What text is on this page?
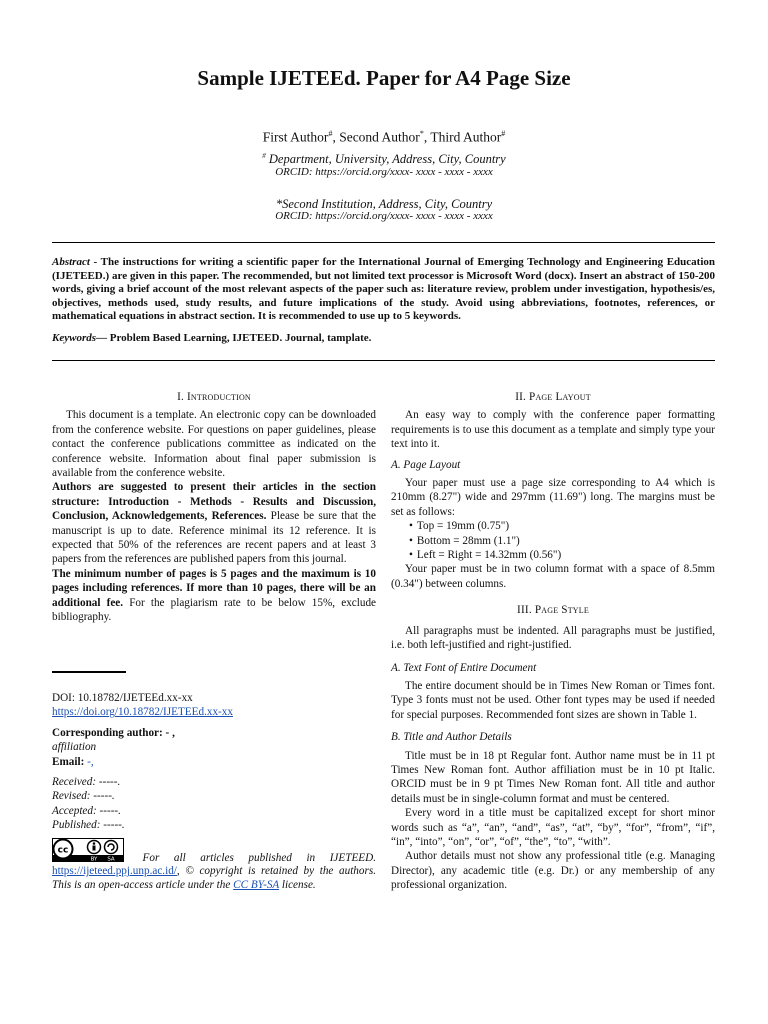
Sample IJETEEd. Paper for A4 Page Size
First Author#, Second Author*, Third Author#
# Department, University, Address, City, Country
ORCID: https://orcid.org/xxxx- xxxx - xxxx - xxxx
*Second Institution, Address, City, Country
ORCID: https://orcid.org/xxxx- xxxx - xxxx - xxxx
Abstract - The instructions for writing a scientific paper for the International Journal of Emerging Technology and Engineering Education (IJETEED.) are given in this paper. The recommended, but not limited text processor is Microsoft Word (docx). Insert an abstract of 150-200 words, giving a brief account of the most relevant aspects of the paper such as: literature review, problem under investigation, hypothesis/es, objectives, methods used, study results, and future implications of the study. Avoid using abbreviations, footnotes, references, or mathematical equations in abstract section. It is recommended to use up to 5 keywords.
Keywords— Problem Based Learning, IJETEED. Journal, tamplate.
I. Introduction

This document is a template. An electronic copy can be downloaded from the conference website. For questions on paper guidelines, please contact the conference publications committee as indicated on the conference website. Information about final paper submission is available from the conference website.

Authors are suggested to present their articles in the section structure: Introduction - Methods - Results and Discussion, Conclusion, Acknowledgements, References. Please be sure that the manuscript is up to date. Reference minimal its 12 reference. It is expected that 50% of the references are recent papers and at least 3 papers from the references are published papers from this journal.

The minimum number of pages is 5 pages and the maximum is 10 pages including references. If more than 10 pages, there will be an additional fee. For the plagiarism rate to be below 15%, exclude bibliography.

DOI: 10.18782/IJETEEd.xx-xx
https://doi.org/10.18782/IJETEEd.xx-xx
Corresponding author: - ,
affiliation
Email: -,
Received: -----.
Revised: -----.
Accepted: -----.
Published: -----.
cc
BY SA	For all articles published in IJETEED. https://ijeteed.ppj.unp.ac.id/, © copyright is retained by the authors. This is an open-access article under the CC BY-SA license.
II. Page Layout

An easy way to comply with the conference paper formatting requirements is to use this document as a template and simply type your text into it.

A. Page Layout

Your paper must use a page size corresponding to A4 which is 210mm (8.27") wide and 297mm (11.69") long. The margins must be set as follows:

• Top = 19mm (0.75")
• Bottom = 28mm (1.1")
• Left = Right = 14.32mm (0.56")

Your paper must be in two column format with a space of 8.5mm (0.34") between columns.

III. Page Style

All paragraphs must be indented. All paragraphs must be justified, i.e. both left-justified and right-justified.

A. Text Font of Entire Document

The entire document should be in Times New Roman or Times font. Type 3 fonts must not be used. Other font types may be used if needed for special purposes. Recommended font sizes are shown in Table 1.

B. Title and Author Details

Title must be in 18 pt Regular font. Author name must be in 11 pt Times New Roman font. Author affiliation must be in 10 pt Italic. ORCID must be in 9 pt Times New Roman font. All title and author details must be in single-column format and must be centered.

Every word in a title must be capitalized except for short minor words such as “a”, “an”, “and”, “as”, “at”, “by”, “for”, “from”, “if”, “in”, “into”, “on”, “or”, “of”, “the”, “to”, “with”.

Author details must not show any professional title (e.g. Managing Director), any academic title (e.g. Dr.) or any membership of any professional organization.
